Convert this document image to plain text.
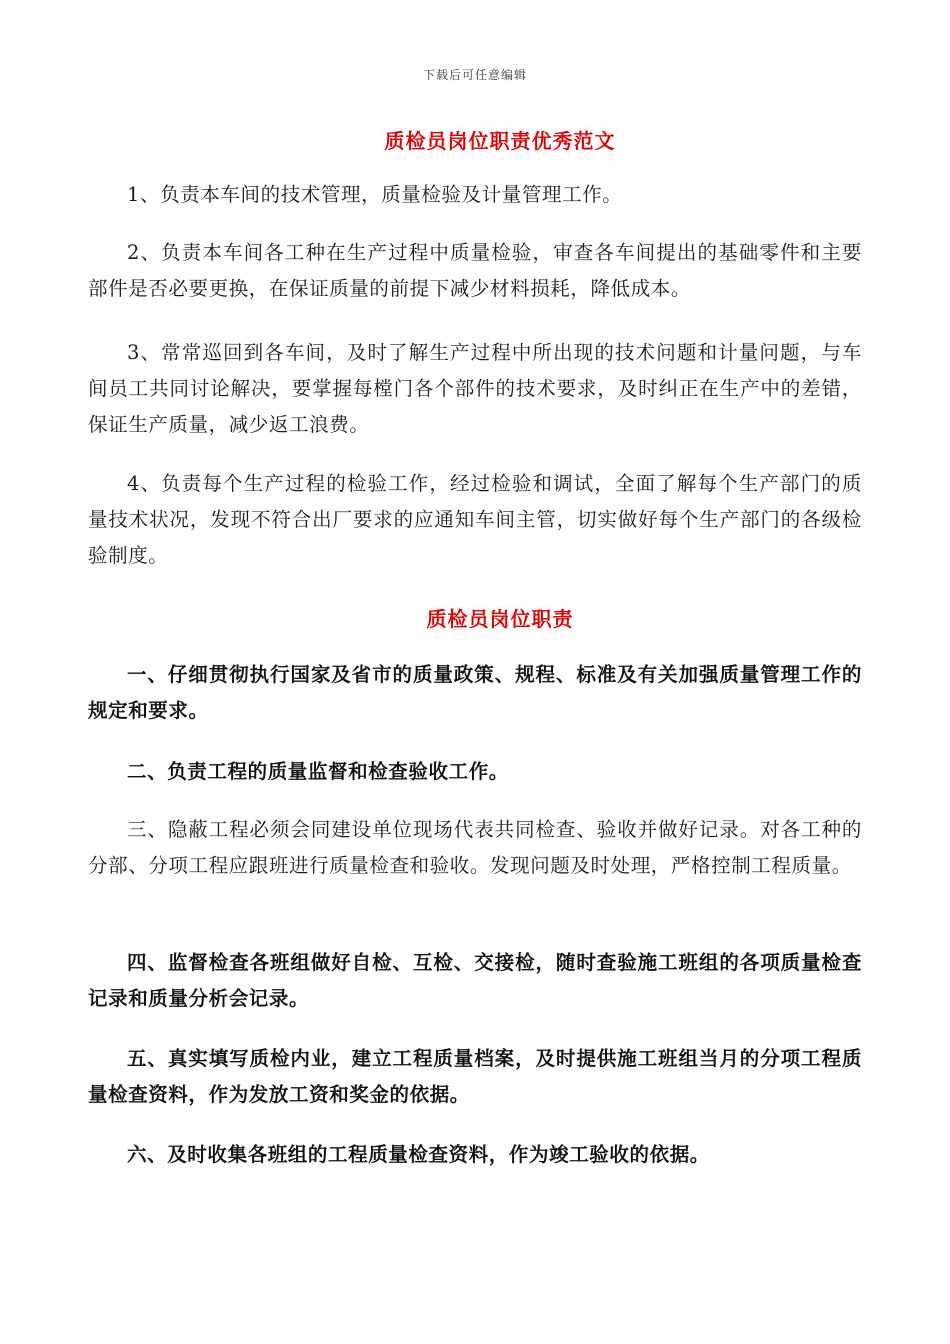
下载后可任意编辑
质检员岗位职责优秀范文
1、负责本车间的技术管理，质量检验及计量管理工作。
2、负责本车间各工种在生产过程中质量检验，审查各车间提出的基础零件和主要部件是否必要更换，在保证质量的前提下减少材料损耗，降低成本。
3、常常巡回到各车间，及时了解生产过程中所出现的技术问题和计量问题，与车间员工共同讨论解决，要掌握每樘门各个部件的技术要求，及时纠正在生产中的差错，保证生产质量，减少返工浪费。
4、负责每个生产过程的检验工作，经过检验和调试，全面了解每个生产部门的质量技术状况，发现不符合出厂要求的应通知车间主管，切实做好每个生产部门的各级检验制度。
质检员岗位职责
一、仔细贯彻执行国家及省市的质量政策、规程、标准及有关加强质量管理工作的规定和要求。
二、负责工程的质量监督和检查验收工作。
三、隐蔽工程必须会同建设单位现场代表共同检查、验收并做好记录。对各工种的分部、分项工程应跟班进行质量检查和验收。发现问题及时处理，严格控制工程质量。
四、监督检查各班组做好自检、互检、交接检，随时查验施工班组的各项质量检查记录和质量分析会记录。
五、真实填写质检内业，建立工程质量档案，及时提供施工班组当月的分项工程质量检查资料，作为发放工资和奖金的依据。
六、及时收集各班组的工程质量检查资料，作为竣工验收的依据。
